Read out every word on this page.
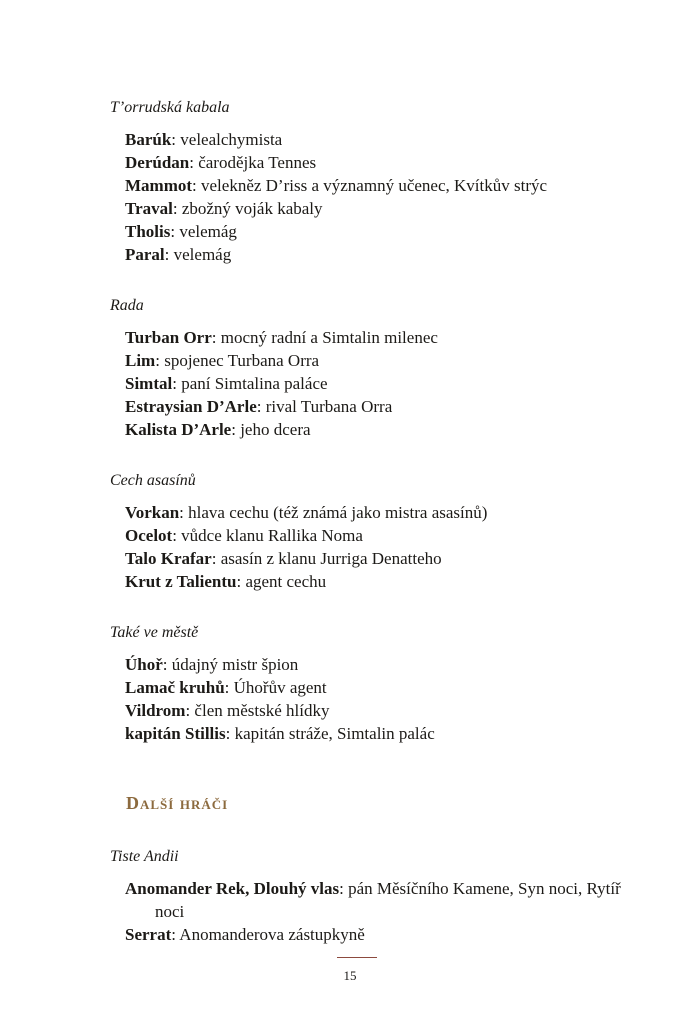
T’orrudská kabala

Barúk: velealchymista

Derúdan: čarodějka Tennes

Mammot: velekněz D’riss a významný učenec, Kvítkův strýc

Traval: zbožný voják kabaly

Tholis: velemág

Paral: velemág

Rada

Turban Orr: mocný radní a Simtalin milenec

Lim: spojenec Turbana Orra

Simtal: paní Simtalina paláce

Estraysian D’Arle: rival Turbana Orra

Kalista D’Arle: jeho dcera

Cech asasínů

Vorkan: hlava cechu (též známá jako mistra asasínů)

Ocelot: vůdce klanu Rallika Noma

Talo Krafar: asasín z klanu Jurriga Denatteho

Krut z Talientu: agent cechu

Také ve městě

Úhoř: údajný mistr špion

Lamač kruhů: Úhořův agent

Vildrom: člen městské hlídky

kapitán Stillis: kapitán stráže, Simtalin palác

Další hráči

Tiste Andii

Anomander Rek, Dlouhý vlas: pán Měsíčního Kamene, Syn noci, Rytíř noci

Serrat: Anomanderova zástupkyně

15
